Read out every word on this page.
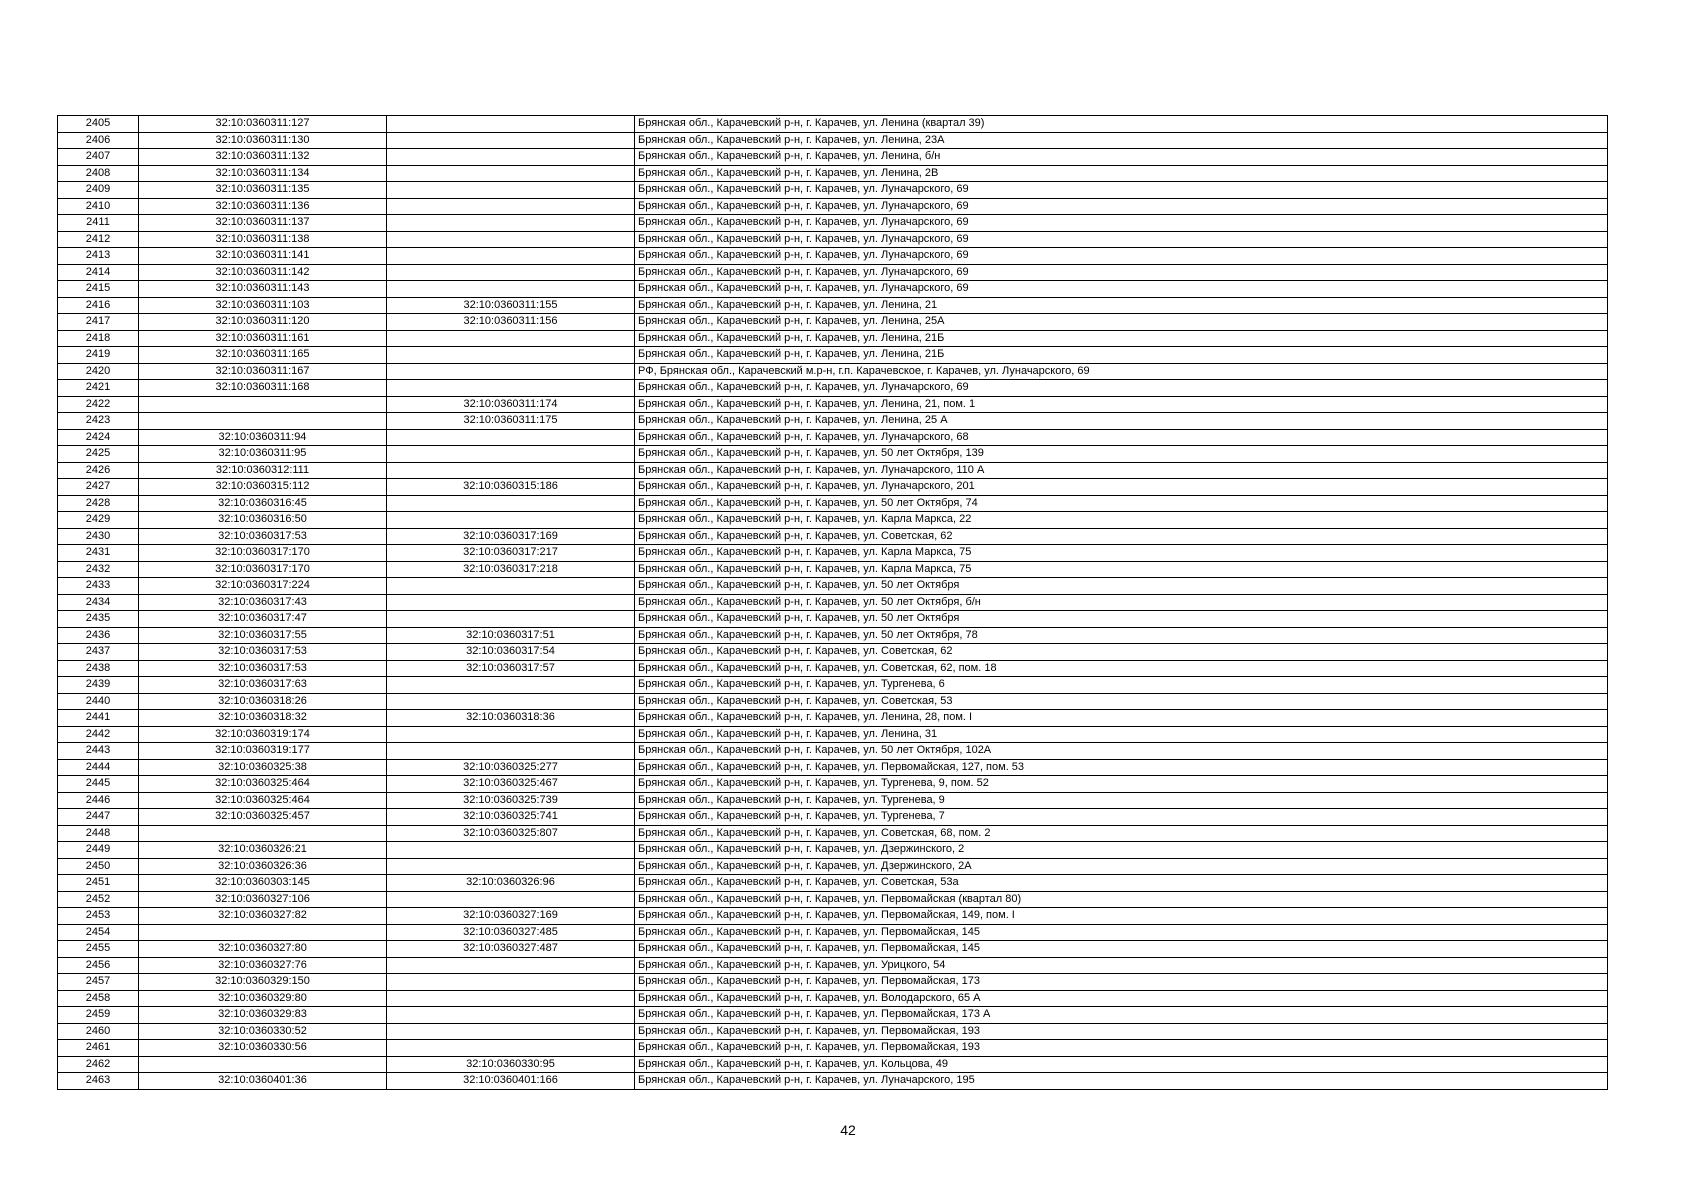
2405	32:10:0360311:127		Брянская обл., Карачевский р-н, г. Карачев, ул. Ленина (квартал 39)
2406	32:10:0360311:130		Брянская обл., Карачевский р-н, г. Карачев, ул. Ленина, 23А
2407	32:10:0360311:132		Брянская обл., Карачевский р-н, г. Карачев, ул. Ленина, б/н
2408	32:10:0360311:134		Брянская обл., Карачевский р-н, г. Карачев, ул. Ленина, 2В
2409	32:10:0360311:135		Брянская обл., Карачевский р-н, г. Карачев, ул. Луначарского, 69
2410	32:10:0360311:136		Брянская обл., Карачевский р-н, г. Карачев, ул. Луначарского, 69
2411	32:10:0360311:137		Брянская обл., Карачевский р-н, г. Карачев, ул. Луначарского, 69
2412	32:10:0360311:138		Брянская обл., Карачевский р-н, г. Карачев, ул. Луначарского, 69
2413	32:10:0360311:141		Брянская обл., Карачевский р-н, г. Карачев, ул. Луначарского, 69
2414	32:10:0360311:142		Брянская обл., Карачевский р-н, г. Карачев, ул. Луначарского, 69
2415	32:10:0360311:143		Брянская обл., Карачевский р-н, г. Карачев, ул. Луначарского, 69
2416	32:10:0360311:103	32:10:0360311:155	Брянская обл., Карачевский р-н, г. Карачев, ул. Ленина, 21
2417	32:10:0360311:120	32:10:0360311:156	Брянская обл., Карачевский р-н, г. Карачев, ул. Ленина, 25А
2418	32:10:0360311:161		Брянская обл., Карачевский р-н, г. Карачев, ул. Ленина, 21Б
2419	32:10:0360311:165		Брянская обл., Карачевский р-н, г. Карачев, ул. Ленина, 21Б
2420	32:10:0360311:167		РФ, Брянская обл., Карачевский м.р-н, г.п. Карачевское, г. Карачев, ул. Луначарского, 69
2421	32:10:0360311:168		Брянская обл., Карачевский р-н, г. Карачев, ул. Луначарского, 69
2422		32:10:0360311:174	Брянская обл., Карачевский р-н, г. Карачев, ул. Ленина, 21, пом. 1
2423		32:10:0360311:175	Брянская обл., Карачевский р-н, г. Карачев, ул. Ленина, 25 А
2424	32:10:0360311:94		Брянская обл., Карачевский р-н, г. Карачев, ул. Луначарского, 68
2425	32:10:0360311:95		Брянская обл., Карачевский р-н, г. Карачев, ул. 50 лет Октября, 139
2426	32:10:0360312:111		Брянская обл., Карачевский р-н, г. Карачев, ул. Луначарского, 110 А
2427	32:10:0360315:112	32:10:0360315:186	Брянская обл., Карачевский р-н, г. Карачев, ул. Луначарского, 201
2428	32:10:0360316:45		Брянская обл., Карачевский р-н, г. Карачев, ул. 50 лет Октября, 74
2429	32:10:0360316:50		Брянская обл., Карачевский р-н, г. Карачев, ул. Карла Маркса, 22
2430	32:10:0360317:53	32:10:0360317:169	Брянская обл., Карачевский р-н, г. Карачев, ул. Советская, 62
2431	32:10:0360317:170	32:10:0360317:217	Брянская обл., Карачевский р-н, г. Карачев, ул. Карла Маркса, 75
2432	32:10:0360317:170	32:10:0360317:218	Брянская обл., Карачевский р-н, г. Карачев, ул. Карла Маркса, 75
2433	32:10:0360317:224		Брянская обл., Карачевский р-н, г. Карачев, ул. 50 лет Октября
2434	32:10:0360317:43		Брянская обл., Карачевский р-н, г. Карачев, ул. 50 лет Октября, б/н
2435	32:10:0360317:47		Брянская обл., Карачевский р-н, г. Карачев, ул. 50 лет Октября
2436	32:10:0360317:55	32:10:0360317:51	Брянская обл., Карачевский р-н, г. Карачев, ул. 50 лет Октября, 78
2437	32:10:0360317:53	32:10:0360317:54	Брянская обл., Карачевский р-н, г. Карачев, ул. Советская, 62
2438	32:10:0360317:53	32:10:0360317:57	Брянская обл., Карачевский р-н, г. Карачев, ул. Советская, 62, пом. 18
2439	32:10:0360317:63		Брянская обл., Карачевский р-н, г. Карачев, ул. Тургенева, 6
2440	32:10:0360318:26		Брянская обл., Карачевский р-н, г. Карачев, ул. Советская, 53
2441	32:10:0360318:32	32:10:0360318:36	Брянская обл., Карачевский р-н, г. Карачев, ул. Ленина, 28, пом. I
2442	32:10:0360319:174		Брянская обл., Карачевский р-н, г. Карачев, ул. Ленина, 31
2443	32:10:0360319:177		Брянская обл., Карачевский р-н, г. Карачев, ул. 50 лет Октября, 102А
2444	32:10:0360325:38	32:10:0360325:277	Брянская обл., Карачевский р-н, г. Карачев, ул. Первомайская, 127, пом. 53
2445	32:10:0360325:464	32:10:0360325:467	Брянская обл., Карачевский р-н, г. Карачев, ул. Тургенева, 9, пом. 52
2446	32:10:0360325:464	32:10:0360325:739	Брянская обл., Карачевский р-н, г. Карачев, ул. Тургенева, 9
2447	32:10:0360325:457	32:10:0360325:741	Брянская обл., Карачевский р-н, г. Карачев, ул. Тургенева, 7
2448		32:10:0360325:807	Брянская обл., Карачевский р-н, г. Карачев, ул. Советская, 68, пом. 2
2449	32:10:0360326:21		Брянская обл., Карачевский р-н, г. Карачев, ул. Дзержинского, 2
2450	32:10:0360326:36		Брянская обл., Карачевский р-н, г. Карачев, ул. Дзержинского, 2А
2451	32:10:0360303:145	32:10:0360326:96	Брянская обл., Карачевский р-н, г. Карачев, ул. Советская, 53а
2452	32:10:0360327:106		Брянская обл., Карачевский р-н, г. Карачев, ул. Первомайская (квартал 80)
2453	32:10:0360327:82	32:10:0360327:169	Брянская обл., Карачевский р-н, г. Карачев, ул. Первомайская, 149, пом. I
2454		32:10:0360327:485	Брянская обл., Карачевский р-н, г. Карачев, ул. Первомайская, 145
2455	32:10:0360327:80	32:10:0360327:487	Брянская обл., Карачевский р-н, г. Карачев, ул. Первомайская, 145
2456	32:10:0360327:76		Брянская обл., Карачевский р-н, г. Карачев, ул. Урицкого, 54
2457	32:10:0360329:150		Брянская обл., Карачевский р-н, г. Карачев, ул. Первомайская, 173
2458	32:10:0360329:80		Брянская обл., Карачевский р-н, г. Карачев, ул. Володарского, 65 А
2459	32:10:0360329:83		Брянская обл., Карачевский р-н, г. Карачев, ул. Первомайская, 173 А
2460	32:10:0360330:52		Брянская обл., Карачевский р-н, г. Карачев, ул. Первомайская, 193
2461	32:10:0360330:56		Брянская обл., Карачевский р-н, г. Карачев, ул. Первомайская, 193
2462		32:10:0360330:95	Брянская обл., Карачевский р-н, г. Карачев, ул. Кольцова, 49
2463	32:10:0360401:36	32:10:0360401:166	Брянская обл., Карачевский р-н, г. Карачев, ул. Луначарского, 195
42
